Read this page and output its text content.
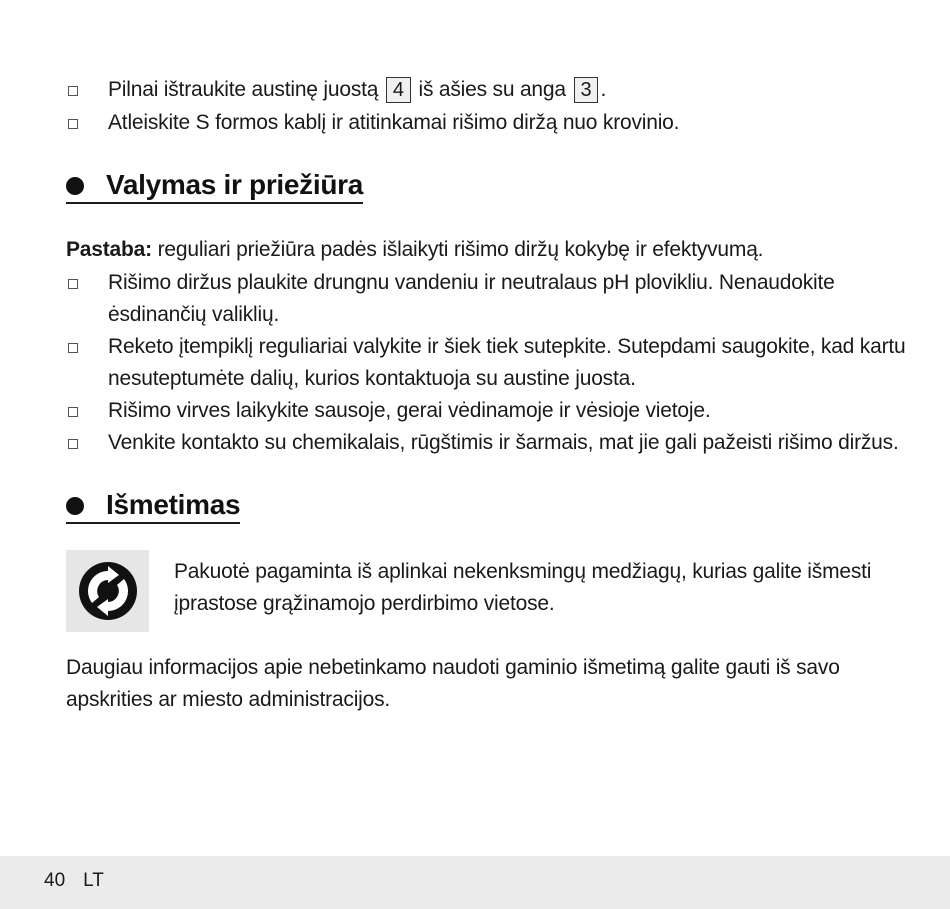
Pilnai ištraukite austinę juostą 4 iš ašies su anga 3 .
Atleiskite S formos kablį ir atitinkamai rišimo diržą nuo krovinio.
Valymas ir priežiūra
Pastaba: reguliari priežiūra padės išlaikyti rišimo diržų kokybę ir efektyvumą.
Rišimo diržus plaukite drungnu vandeniu ir neutralaus pH plovikliu. Nenaudokite ėsdinančių valiklių.
Reketo įtempiklį reguliariai valykite ir šiek tiek sutepkite. Sutepdami saugokite, kad kartu nesuteptumėte dalių, kurios kontaktuoja su austine juosta.
Rišimo virves laikykite sausoje, gerai vėdinamoje ir vėsioje vietoje.
Venkite kontakto su chemikalais, rūgštimis ir šarmais, mat jie gali pažeisti rišimo diržus.
Išmetimas
Pakuotė pagaminta iš aplinkai nekenksmingų medžiagų, kurias galite išmesti įprastose grąžinamojo perdirbimo vietose.
Daugiau informacijos apie nebetinkamo naudoti gaminio išmetimą galite gauti iš savo apskrities ar miesto administracijos.
40 LT
